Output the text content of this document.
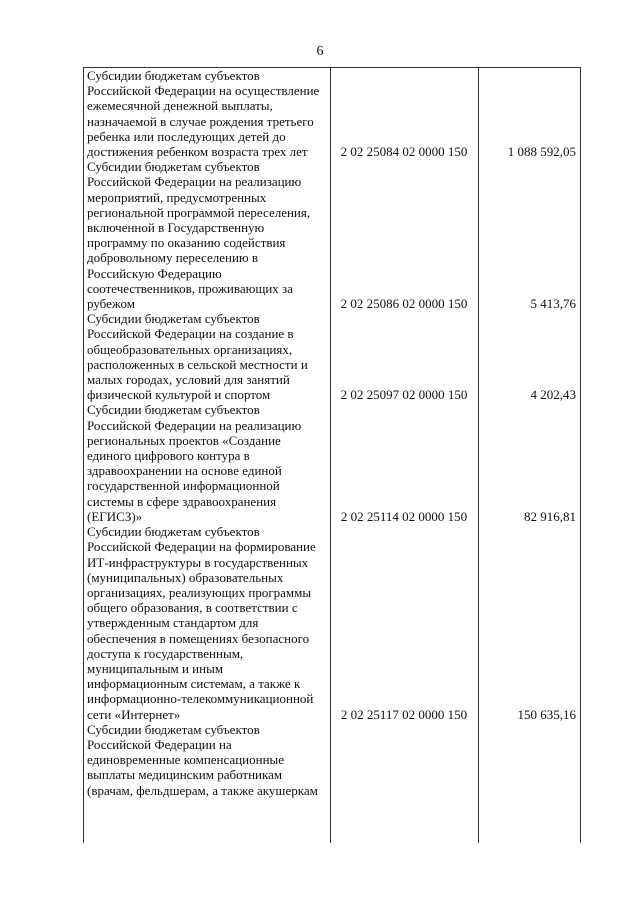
6
Субсидии бюджетам субъектов
Российской Федерации на осуществление
ежемесячной денежной выплаты,
назначаемой в случае рождения третьего
ребенка или последующих детей до
достижения ребенком возраста трех лет	2 02 25084 02 0000 150	1 088 592,05
Субсидии бюджетам субъектов
Российской Федерации на реализацию
мероприятий, предусмотренных
региональной программой переселения,
включенной в Государственную
программу по оказанию содействия
добровольному переселению в
Российскую Федерацию
соотечественников, проживающих за
рубежом	2 02 25086 02 0000 150	5 413,76
Субсидии бюджетам субъектов
Российской Федерации на создание в
общеобразовательных организациях,
расположенных в сельской местности и
малых городах, условий для занятий
физической культурой и спортом	2 02 25097 02 0000 150	4 202,43
Субсидии бюджетам субъектов
Российской Федерации на реализацию
региональных проектов «Создание
единого цифрового контура в
здравоохранении на основе единой
государственной информационной
системы в сфере здравоохранения
(ЕГИСЗ)»	2 02 25114 02 0000 150	82 916,81
Субсидии бюджетам субъектов
Российской Федерации на формирование
ИТ-инфраструктуры в государственных
(муниципальных) образовательных
организациях, реализующих программы
общего образования, в соответствии с
утвержденным стандартом для
обеспечения в помещениях безопасного
доступа к государственным,
муниципальным и иным
информационным системам, а также к
информационно-телекоммуникационной
сети «Интернет»	2 02 25117 02 0000 150	150 635,16
Субсидии бюджетам субъектов
Российской Федерации на
единовременные компенсационные
выплаты медицинским работникам
(врачам, фельдшерам, а также акушеркам
